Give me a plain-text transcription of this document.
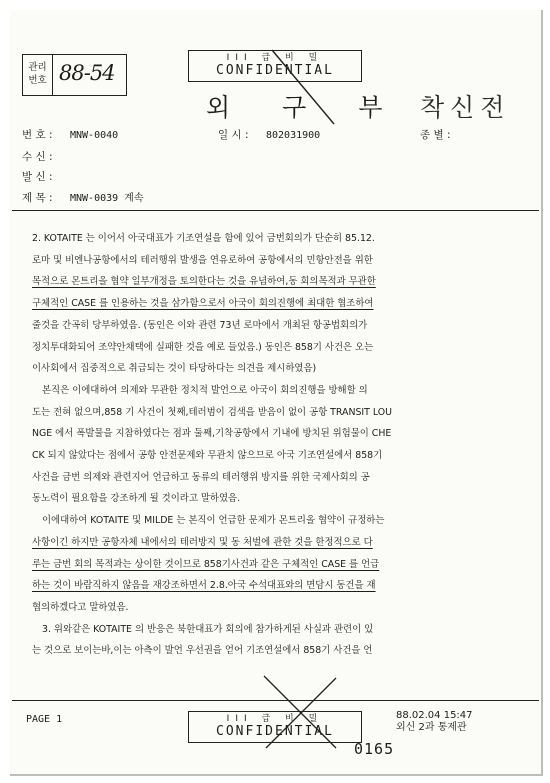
관리
번호 88-54
III 급 비 밀
CONFIDENTIAL
외 구 부 착신전
번 호 : MNW-0040	일 시 : 802031900	종 별 :
수 신 :
발 신 :
제 목 : MNW-0039 계속

2. KOTAITE 는 이어서 아국대표가 기조연설을 함에 있어 금번회의가 단순히 85.12.
로마 및 비엔나공항에서의 테러행위 발생을 연유로하여 공항에서의 민항안전을 위한
목적으로 몬트리올 협약 일부개정을 토의한다는 것을 유념하여,동 회의목적과 무관한
구체적인 CASE 를 인용하는 것을 삼가함으로서 아국이 회의진행에 최대한 협조하여
줄것을 간곡히 당부하였음. (동인은 이와 관련 73년 로마에서 개최된 항공법회의가
정치투대화되어 조약안채택에 실패한 것을 예로 들었음.) 동인은 858기 사건은 오는
이사회에서 집중적으로 취급되는 것이 타당하다는 의견을 제시하였음)

본직은 이에대하여 의제와 무관한 정치적 발언으로 아국이 회의진행을 방해할 의
도는 전혀 없으며,858 기 사건이 첫째,테러범이 검색을 받음이 없이 공항 TRANSIT LOU
NGE 에서 폭발물을 지참하였다는 점과 둘째,기착공항에서 기내에 방치된 위험물이 CHE
CK 되지 않았다는 점에서 공항 안전문제와 무관치 않으므로 아국 기조연설에서 858기
사건을 금번 의제와 관련지어 언급하고 동류의 테러행위 방지를 위한 국제사회의 공
동노력이 필요함을 강조하게 될 것이라고 말하였음.

이에대하여 KOTAITE 및 MILDE 는 본직이 언급한 문제가 몬트리올 협약이 규정하는
사항이긴 하지만 공항자체 내에서의 테러방지 및 동 처벌에 관한 것을 한정적으로 다
루는 금번 회의 목적과는 상이한 것이므로 858기사건과 같은 구체적인 CASE 를 언급
하는 것이 바람직하지 않음을 재강조하면서 2.8.아국 수석대표와의 면담시 동건을 재
협의하겠다고 말하였음.

3. 위와같은 KOTAITE 의 반응은 북한대표가 회의에 참가하게된 사실과 관련이 있
는 것으로 보이는바,이는 아측이 발언 우선권을 얻어 기조연설에서 858기 사건을 언

PAGE 1	III 급 비 밀
CONFIDENTIAL
88.02.04 15:47
외신 2과 통제관
0165
